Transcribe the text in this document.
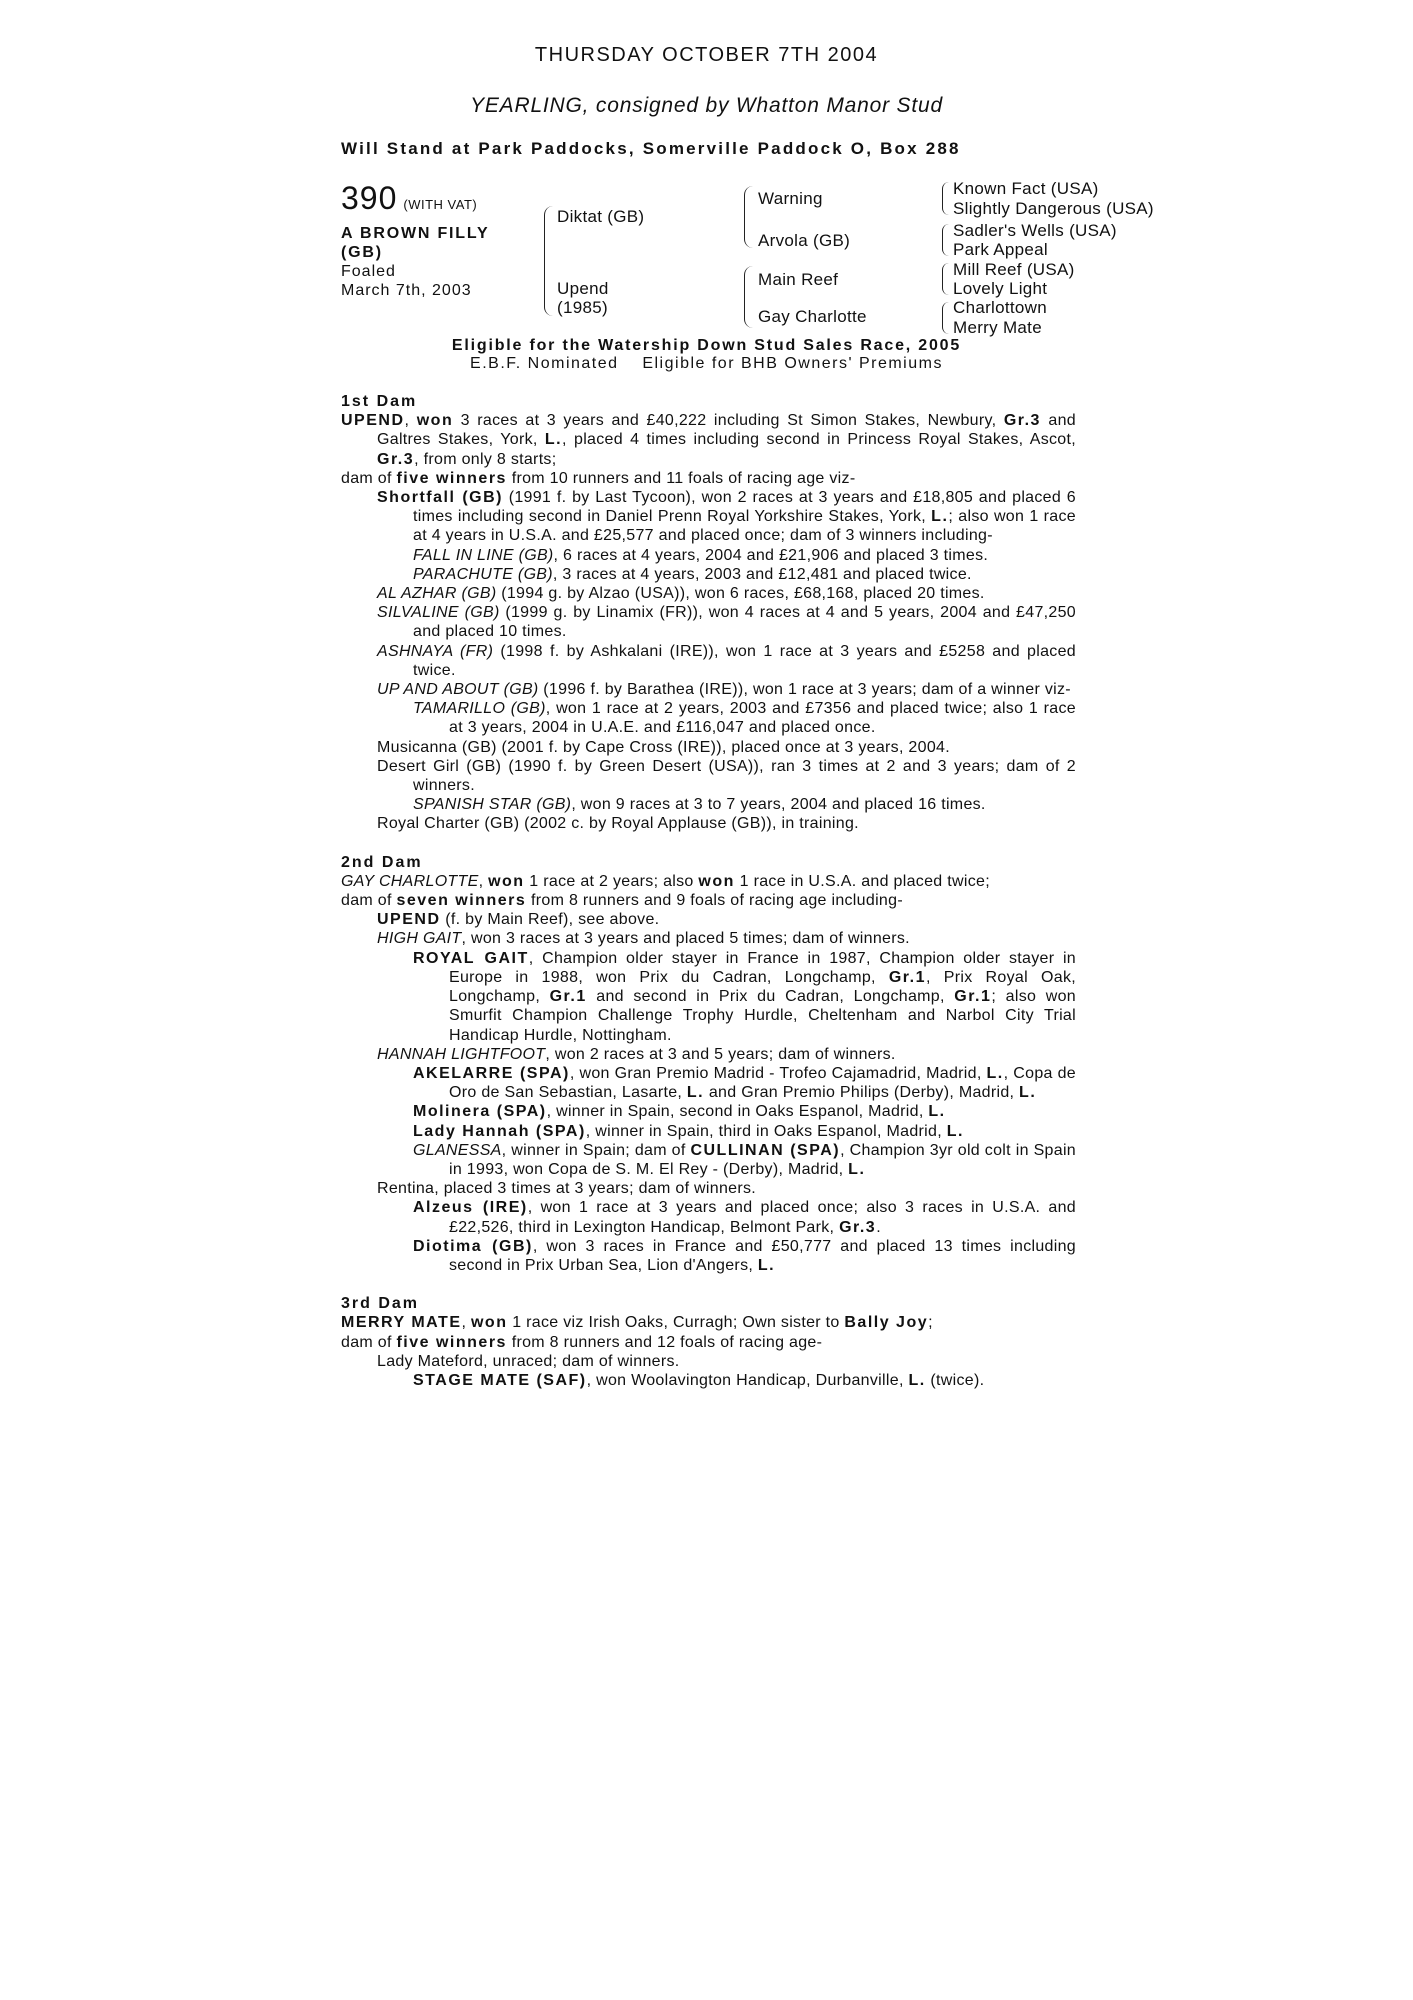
THURSDAY OCTOBER 7TH 2004
YEARLING, consigned by Whatton Manor Stud
Will Stand at Park Paddocks, Somerville Paddock O, Box 288
390 (WITH VAT)
A BROWN FILLY (GB)
Foaled
March 7th, 2003
Diktat (GB)
Upend
(1985)
Warning
Arvola (GB)
Main Reef
Gay Charlotte
Known Fact (USA)
Slightly Dangerous (USA)
Sadler's Wells (USA)
Park Appeal
Mill Reef (USA)
Lovely Light
Charlottown
Merry Mate
Eligible for the Watership Down Stud Sales Race, 2005
E.B.F. Nominated    Eligible for BHB Owners' Premiums

1st Dam

UPEND, won 3 races at 3 years and £40,222 including St Simon Stakes, Newbury, Gr.3 and Galtres Stakes, York, L., placed 4 times including second in Princess Royal Stakes, Ascot, Gr.3, from only 8 starts;

dam of five winners from 10 runners and 11 foals of racing age viz-

Shortfall (GB) (1991 f. by Last Tycoon), won 2 races at 3 years and £18,805 and placed 6 times including second in Daniel Prenn Royal Yorkshire Stakes, York, L.; also won 1 race at 4 years in U.S.A. and £25,577 and placed once; dam of 3 winners including-

FALL IN LINE (GB), 6 races at 4 years, 2004 and £21,906 and placed 3 times.

PARACHUTE (GB), 3 races at 4 years, 2003 and £12,481 and placed twice.

AL AZHAR (GB) (1994 g. by Alzao (USA)), won 6 races, £68,168, placed 20 times.

SILVALINE (GB) (1999 g. by Linamix (FR)), won 4 races at 4 and 5 years, 2004 and £47,250 and placed 10 times.

ASHNAYA (FR) (1998 f. by Ashkalani (IRE)), won 1 race at 3 years and £5258 and placed twice.

UP AND ABOUT (GB) (1996 f. by Barathea (IRE)), won 1 race at 3 years; dam of a winner viz-

TAMARILLO (GB), won 1 race at 2 years, 2003 and £7356 and placed twice; also 1 race at 3 years, 2004 in U.A.E. and £116,047 and placed once.

Musicanna (GB) (2001 f. by Cape Cross (IRE)), placed once at 3 years, 2004.

Desert Girl (GB) (1990 f. by Green Desert (USA)), ran 3 times at 2 and 3 years; dam of 2 winners.

SPANISH STAR (GB), won 9 races at 3 to 7 years, 2004 and placed 16 times.

Royal Charter (GB) (2002 c. by Royal Applause (GB)), in training.

2nd Dam

GAY CHARLOTTE, won 1 race at 2 years; also won 1 race in U.S.A. and placed twice;

dam of seven winners from 8 runners and 9 foals of racing age including-

UPEND (f. by Main Reef), see above.

HIGH GAIT, won 3 races at 3 years and placed 5 times; dam of winners.

ROYAL GAIT, Champion older stayer in France in 1987, Champion older stayer in Europe in 1988, won Prix du Cadran, Longchamp, Gr.1, Prix Royal Oak, Longchamp, Gr.1 and second in Prix du Cadran, Longchamp, Gr.1; also won Smurfit Champion Challenge Trophy Hurdle, Cheltenham and Narbol City Trial Handicap Hurdle, Nottingham.

HANNAH LIGHTFOOT, won 2 races at 3 and 5 years; dam of winners.

AKELARRE (SPA), won Gran Premio Madrid - Trofeo Cajamadrid, Madrid, L., Copa de Oro de San Sebastian, Lasarte, L. and Gran Premio Philips (Derby), Madrid, L.

Molinera (SPA), winner in Spain, second in Oaks Espanol, Madrid, L.

Lady Hannah (SPA), winner in Spain, third in Oaks Espanol, Madrid, L.

GLANESSA, winner in Spain; dam of CULLINAN (SPA), Champion 3yr old colt in Spain in 1993, won Copa de S. M. El Rey - (Derby), Madrid, L.

Rentina, placed 3 times at 3 years; dam of winners.

Alzeus (IRE), won 1 race at 3 years and placed once; also 3 races in U.S.A. and £22,526, third in Lexington Handicap, Belmont Park, Gr.3.

Diotima (GB), won 3 races in France and £50,777 and placed 13 times including second in Prix Urban Sea, Lion d'Angers, L.

3rd Dam

MERRY MATE, won 1 race viz Irish Oaks, Curragh; Own sister to Bally Joy;

dam of five winners from 8 runners and 12 foals of racing age-

Lady Mateford, unraced; dam of winners.

STAGE MATE (SAF), won Woolavington Handicap, Durbanville, L. (twice).
